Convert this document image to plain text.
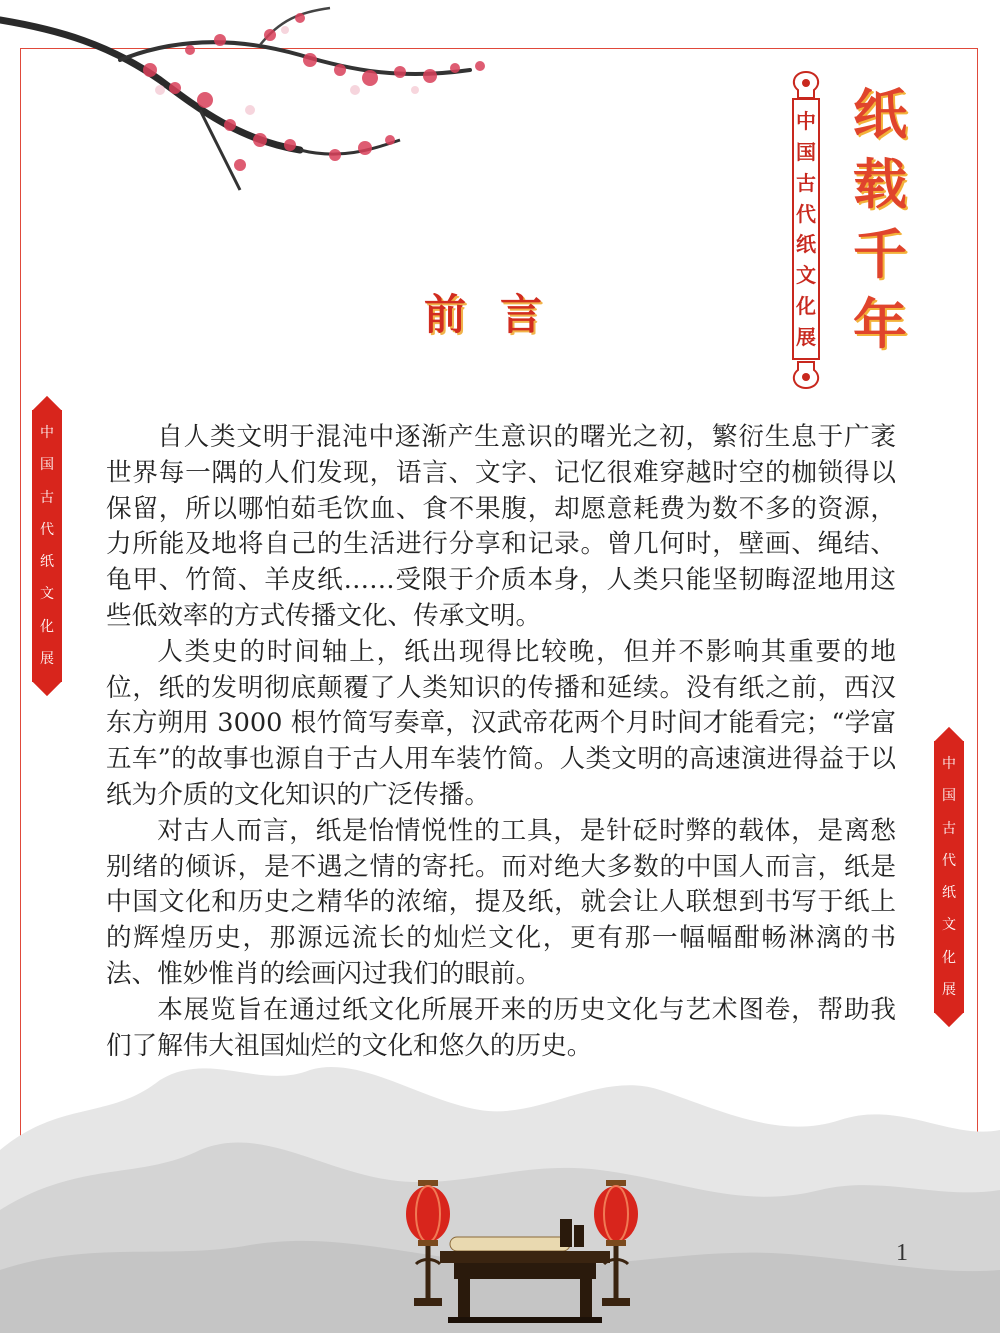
中
国
古
代
纸
文
化
展
纸
载
千
年
前言
中
国
古
代
纸
文
化
展
中
国
古
代
纸
文
化
展

自人类文明于混沌中逐渐产生意识的曙光之初，繁衍生息于广袤世界每一隅的人们发现，语言、文字、记忆很难穿越时空的枷锁得以保留，所以哪怕茹毛饮血、食不果腹，却愿意耗费为数不多的资源，力所能及地将自己的生活进行分享和记录。曾几何时，壁画、绳结、龟甲、竹简、羊皮纸……受限于介质本身，人类只能坚韧晦涩地用这些低效率的方式传播文化、传承文明。

人类史的时间轴上，纸出现得比较晚，但并不影响其重要的地位，纸的发明彻底颠覆了人类知识的传播和延续。没有纸之前，西汉东方朔用 3000 根竹简写奏章，汉武帝花两个月时间才能看完；“学富五车”的故事也源自于古人用车装竹简。人类文明的高速演进得益于以纸为介质的文化知识的广泛传播。

对古人而言，纸是怡情悦性的工具，是针砭时弊的载体，是离愁别绪的倾诉，是不遇之情的寄托。而对绝大多数的中国人而言，纸是中国文化和历史之精华的浓缩，提及纸，就会让人联想到书写于纸上的辉煌历史，那源远流长的灿烂文化，更有那一幅幅酣畅淋漓的书法、惟妙惟肖的绘画闪过我们的眼前。

本展览旨在通过纸文化所展开来的历史文化与艺术图卷，帮助我们了解伟大祖国灿烂的文化和悠久的历史。

1
